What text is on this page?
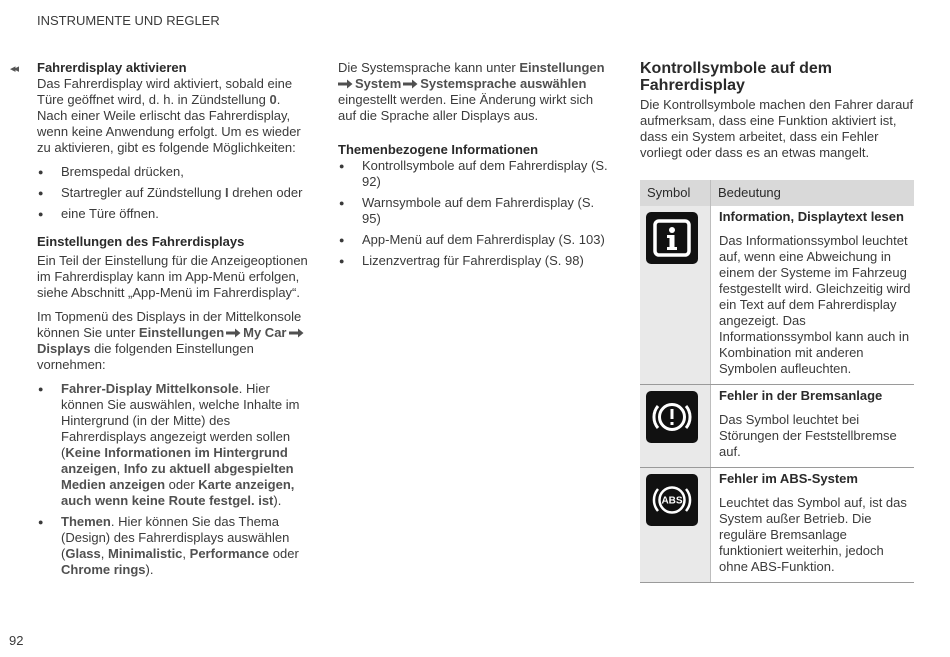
INSTRUMENTE UND REGLER
◂◂ Fahrerdisplay aktivieren

Das Fahrerdisplay wird aktiviert, sobald eine Türe geöffnet wird, d. h. in Zündstellung 0. Nach einer Weile erlischt das Fahrerdisplay, wenn keine Anwendung erfolgt. Um es wieder zu aktivieren, gibt es folgende Möglichkeiten:

● Bremspedal drücken,
● Startregler auf Zündstellung I drehen oder
● eine Türe öffnen.
Einstellungen des Fahrerdisplays

Ein Teil der Einstellung für die Anzeigeoptionen im Fahrerdisplay kann im App-Menü erfolgen, siehe Abschnitt „App-Menü im Fahrerdisplay“.

Im Topmenü des Displays in der Mittelkonsole können Sie unter Einstellungen My Car
Displays die folgenden Einstellungen vornehmen:

● Fahrer-Display Mittelkonsole. Hier können Sie auswählen, welche Inhalte im Hintergrund (in der Mitte) des Fahrerdisplays angezeigt werden sollen (Keine Informationen im Hintergrund anzeigen, Info zu aktuell abgespielten Medien anzeigen oder Karte anzeigen, auch wenn keine Route festgel. ist).
● Themen. Hier können Sie das Thema (Design) des Fahrerdisplays auswählen (Glass, Minimalistic, Performance oder Chrome rings).

Die Systemsprache kann unter Einstellungen

System Systemsprache auswählen eingestellt werden. Eine Änderung wirkt sich auf die Sprache aller Displays aus.

Themenbezogene Informationen
● Kontrollsymbole auf dem Fahrerdisplay (S. 92)
● Warnsymbole auf dem Fahrerdisplay (S. 95)
● App-Menü auf dem Fahrerdisplay (S. 103)
● Lizenzvertrag für Fahrerdisplay (S. 98)
Kontrollsymbole auf dem Fahrerdisplay

Die Kontrollsymbole machen den Fahrer darauf aufmerksam, dass eine Funktion aktiviert ist, dass ein System arbeitet, dass ein Fehler vorliegt oder dass es an etwas mangelt.

Symbol	Bedeutung

Information, Displaytext lesen
Das Informationssymbol leuchtet auf, wenn eine Abweichung in einem der Systeme im Fahrzeug festgestellt wird. Gleichzeitig wird ein Text auf dem Fahrerdisplay angezeigt. Das Informationssymbol kann auch in Kombination mit anderen Symbolen aufleuchten.

Fehler in der Bremsanlage
Das Symbol leuchtet bei Störungen der Feststellbremse auf.

ABS	Fehler im ABS-System
Leuchtet das Symbol auf, ist das System außer Betrieb. Die reguläre Bremsanlage funktioniert weiterhin, jedoch ohne ABS-Funktion.
92
